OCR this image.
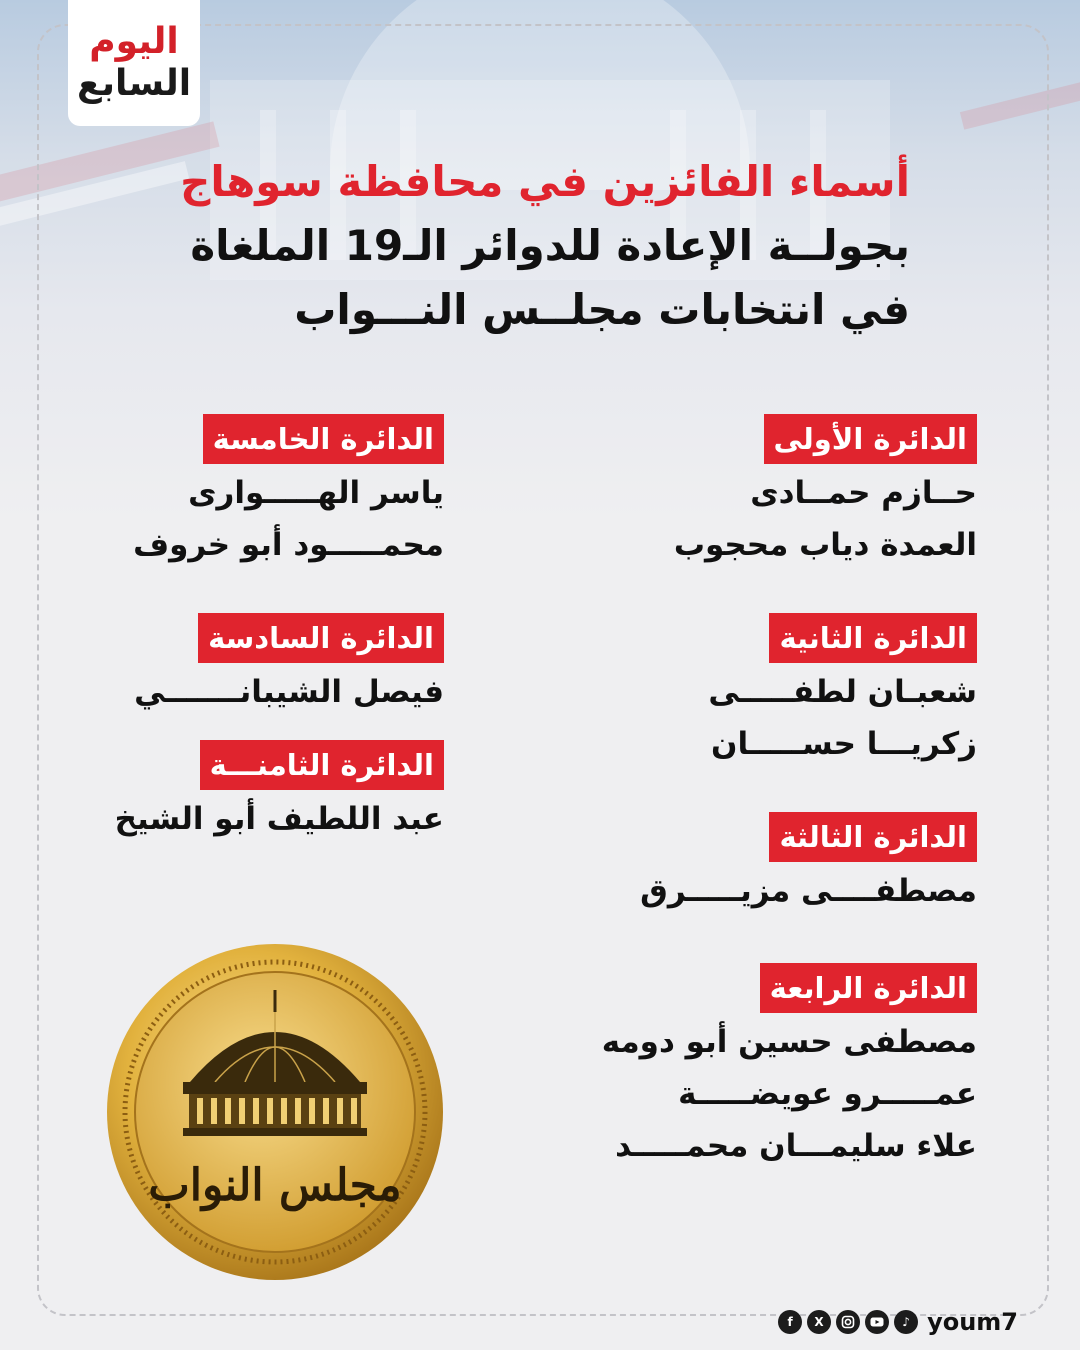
اليوم
السابع
أسماء الفائزين في محافظة سوهاج
بجولــة الإعادة للدوائر الـ19 الملغاة
في انتخابات مجلــس النـــواب
الدائرة الأولى
حــازم حمــادى
العمدة دياب محجوب
الدائرة الثانية
شعبـان لطفـــــى
زكريـــا حســـــان
الدائرة الثالثة
مصطفــــى مزيـــــرق
الدائرة الرابعة
مصطفى حسين أبو دومه
عمـــــرو عويضـــــة
علاء سليمـــان محمـــــد
الدائرة الخامسة
ياسر الهـــــوارى
محمـــــود أبو خروف
الدائرة السادسة
فيصل الشيبانـــــــي
الدائرة الثامنـــة
عبد اللطيف أبو الشيخ
مجلس النواب
f	X	♪ youm7
